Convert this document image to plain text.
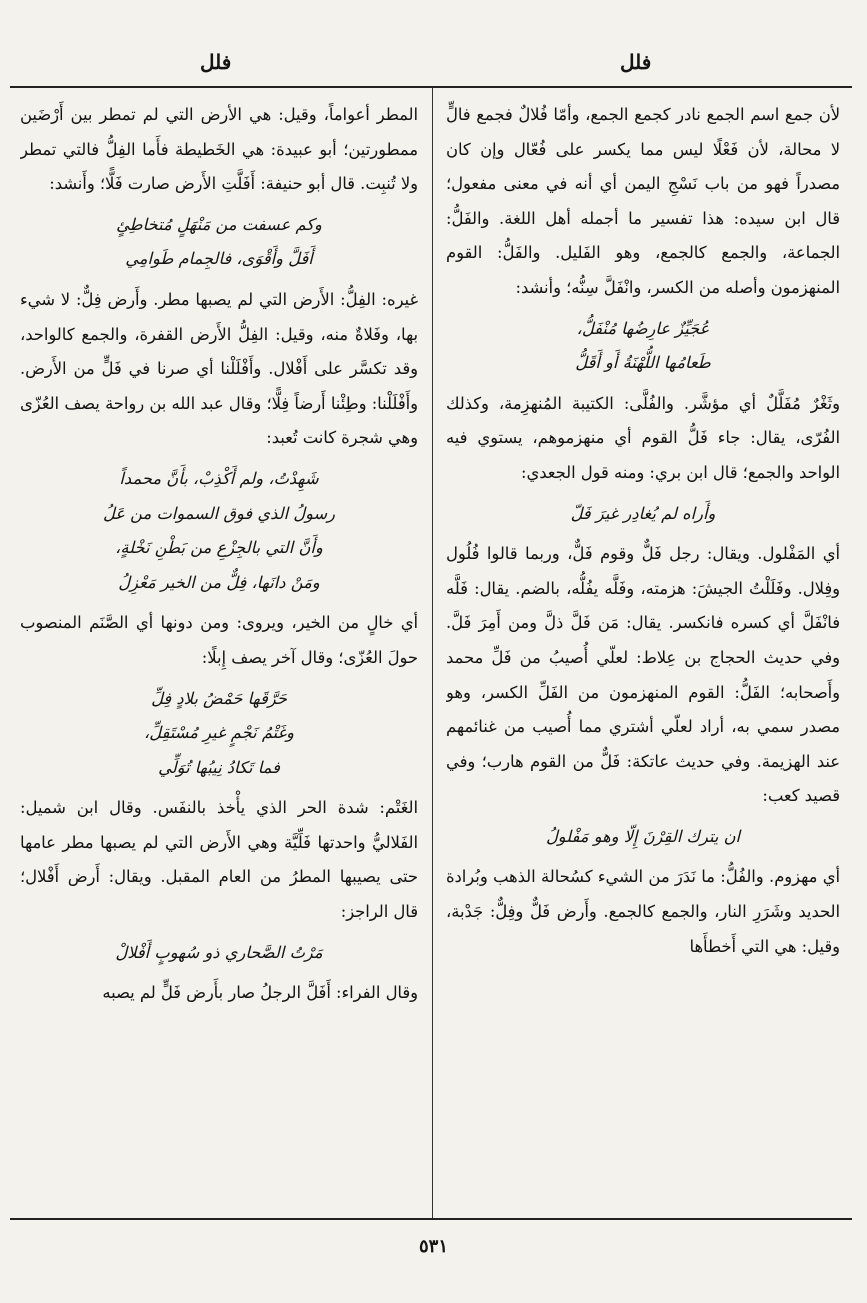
فلل
فلل

لأن جمع اسم الجمع نادر كجمع الجمع، وأمّا فُلالٌ فجمع فالٍّ لا محالة، لأن فَعْلًا ليس مما يكسر على فُعّال وإن كان مصدراً فهو من باب نَسْجِ اليمن أي أنه في معنى مفعول؛ قال ابن سيده: هذا تفسير ما أجمله أهل اللغة. والفَلُّ: الجماعة، والجمع كالجمع، وهو الفَليل. والفَلُّ: القوم المنهزمون وأصله من الكسر، وانْفَلَّ سِنُّه؛ وأنشد:

عُجَيِّزٌ عارِضُها مُنْفَلُّ،

طَعامُها اللُّهْنَةُ أَو أَقَلُّ

وثَغْرٌ مُفَلَّلٌ أي مؤشَّر. والفُلَّى: الكتيبة المُنهزِمة، وكذلك الفُرّى، يقال: جاء فَلُّ القوم أي منهزموهم، يستوي فيه الواحد والجمع؛ قال ابن بري: ومنه قول الجعدي:

وأَراه لم يُغادِر غيرَ فَلّ

أي المَفْلول. ويقال: رجل فَلٌّ وقوم فَلٌّ، وربما قالوا فُلُول وفِلال. وفَلَلْتُ الجيشَ: هزمته، وفَلَّه يفُلُّه، بالضم. يقال: فَلَّه فانْفَلَّ أي كسره فانكسر. يقال: مَن فَلَّ ذلَّ ومن أَمِرَ فَلَّ. وفي حديث الحجاج بن عِلاط: لعلّي أُصيبُ من فَلِّ محمد وأَصحابه؛ الفَلُّ: القوم المنهزمون من الفَلِّ الكسر، وهو مصدر سمي به، أراد لعلّي أشتري مما أُصيب من غنائمهم عند الهزيمة. وفي حديث عاتكة: فَلٌّ من القوم هارب؛ وفي قصيد كعب:

ان يترك القِرْنَ إِلّا وهو مَفْلولُ

أي مهزوم. والفُلُّ: ما نَدَرَ من الشيء كسُحالة الذهب وبُرادة الحديد وشَرَرِ النار، والجمع كالجمع. وأَرض فَلٌّ وفِلٌّ: جَدْبة، وقيل: هي التي أَخطأَها

المطر أعواماً، وقيل: هي الأرض التي لم تمطر بين أَرْضَين ممطورتين؛ أبو عبيدة: هي الخَطيطة فأَما الفِلُّ فالتي تمطر ولا تُنبِت. قال أبو حنيفة: أَفَلَّتِ الأَرض صارت فَلًّا؛ وأَنشد:

وكم عسفت من مَنْهَلٍ مُتخاطِئٍ

أَفَلَّ وأَقْوَى، فالجِمام طَوامِي

غيره: الفِلُّ: الأَرض التي لم يصبها مطر. وأَرض فِلٌّ: لا شيء بها، وفَلاةٌ منه، وقيل: الفِلُّ الأَرض القفرة، والجمع كالواحد، وقد تكسَّر على أَفْلال. وأَفْلَلْنا أي صرنا في فَلٍّ من الأَرض. وأَفْلَلْنا: وطِئْنا أَرضاً فِلًّا؛ وقال عبد الله بن رواحة يصف العُزّى وهي شجرة كانت تُعبد:

شَهِدْتُ، ولم أَكْذِبْ، بأَنَّ محمداً

رسولُ الذي فوق السموات من عَلُ

وأَنَّ التي بالجِزْعِ من بَطْنِ نَخْلةٍ،

ومَنْ دانَها، فِلٌّ من الخير مَعْزِلُ

أي خالٍ من الخير، ويروى: ومن دونها أي الصَّنَم المنصوب حولَ العُزّى؛ وقال آخر يصف إِبلًا:

حَرَّقَها حَمْضُ بلادٍ فِلِّ

وغَتْمُ نَجْمٍ غيرِ مُسْتَقِلِّ،

فما تَكادُ نِيبُها تُوَلِّي

الغَتْم: شدة الحر الذي يأْخذ بالنفَس. وقال ابن شميل: الفَلاليُّ واحدتها فَلِّيَّة وهي الأَرض التي لم يصبها مطر عامها حتى يصيبها المطرُ من العام المقبل. ويقال: أَرض أَفْلال؛ قال الراجز:

مَرْتُ الصَّحاري ذو سُهوبٍ أَفْلالْ

وقال الفراء: أَفَلَّ الرجلُ صار بأَرض فَلٍّ لم يصبه

٥٣١
